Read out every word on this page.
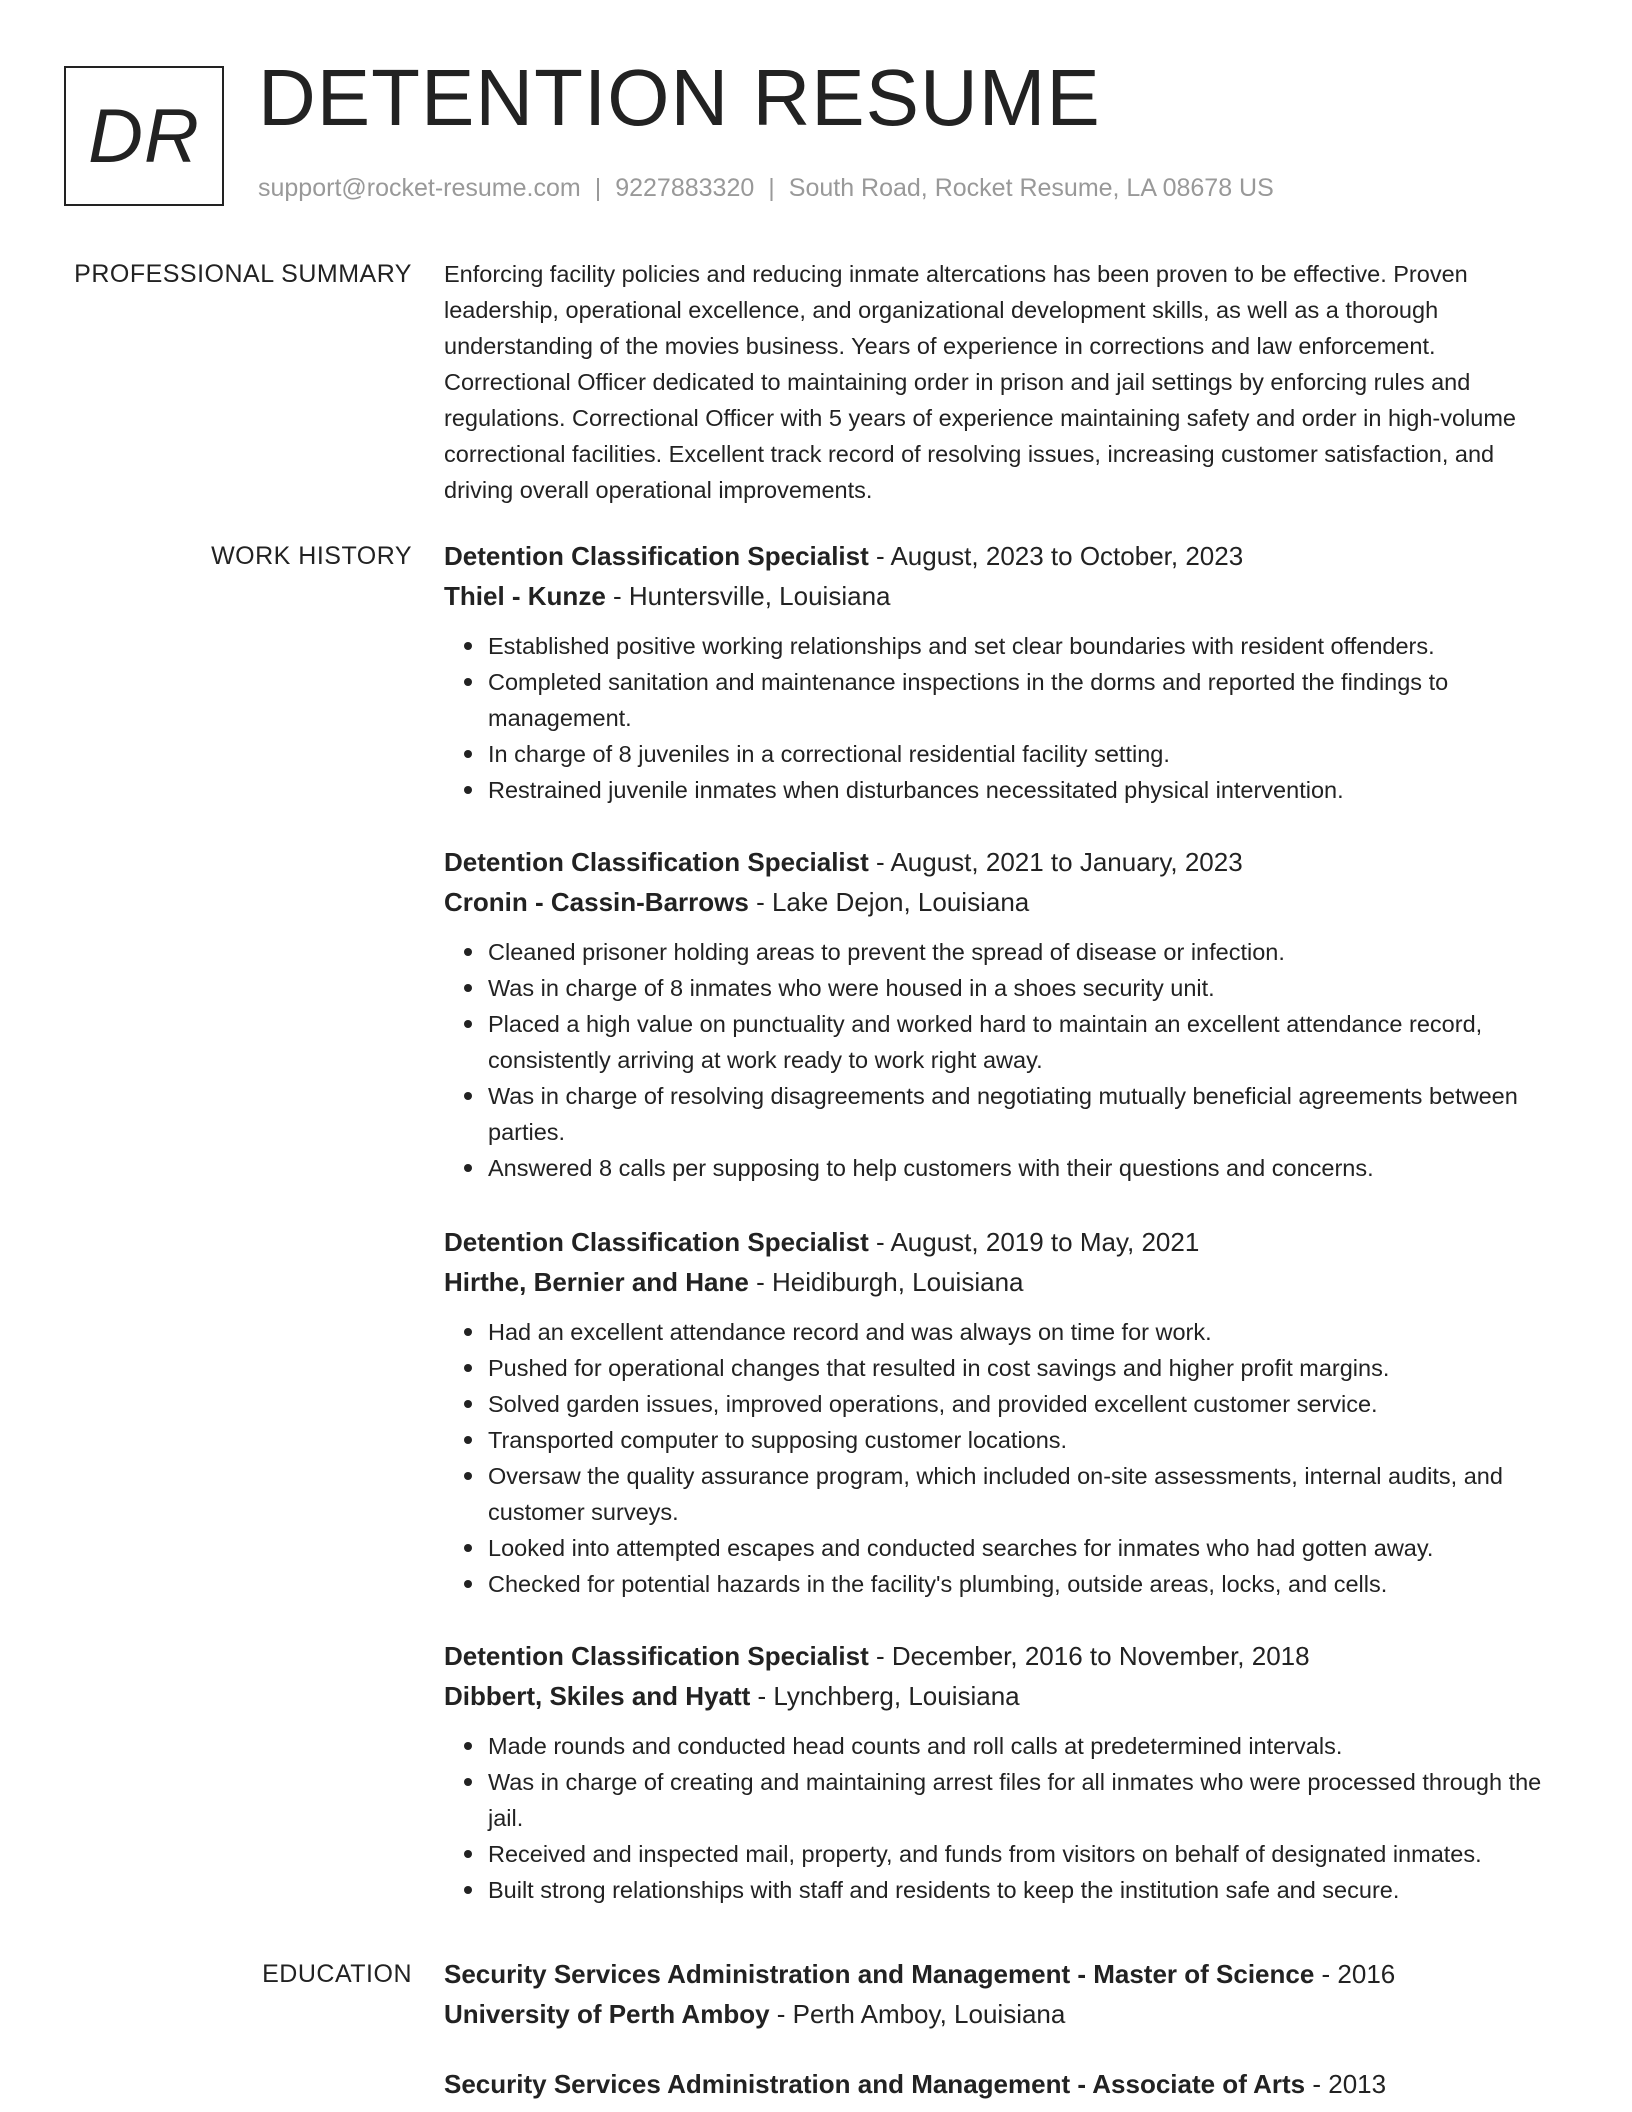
DR DETENTION RESUME
support@rocket-resume.com | 9227883320 | South Road, Rocket Resume, LA 08678 US
PROFESSIONAL SUMMARY Enforcing facility policies and reducing inmate altercations has been proven to be effective. Proven leadership, operational excellence, and organizational development skills, as well as a thorough understanding of the movies business. Years of experience in corrections and law enforcement. Correctional Officer dedicated to maintaining order in prison and jail settings by enforcing rules and regulations. Correctional Officer with 5 years of experience maintaining safety and order in high-volume correctional facilities. Excellent track record of resolving issues, increasing customer satisfaction, and driving overall operational improvements.
WORK HISTORY Detention Classification Specialist - August, 2023 to October, 2023
Thiel - Kunze - Huntersville, Louisiana
Established positive working relationships and set clear boundaries with resident offenders.
Completed sanitation and maintenance inspections in the dorms and reported the findings to management.
In charge of 8 juveniles in a correctional residential facility setting.
Restrained juvenile inmates when disturbances necessitated physical intervention.
Detention Classification Specialist - August, 2021 to January, 2023
Cronin - Cassin-Barrows - Lake Dejon, Louisiana
Cleaned prisoner holding areas to prevent the spread of disease or infection.
Was in charge of 8 inmates who were housed in a shoes security unit.
Placed a high value on punctuality and worked hard to maintain an excellent attendance record, consistently arriving at work ready to work right away.
Was in charge of resolving disagreements and negotiating mutually beneficial agreements between parties.
Answered 8 calls per supposing to help customers with their questions and concerns.
Detention Classification Specialist - August, 2019 to May, 2021
Hirthe, Bernier and Hane - Heidiburgh, Louisiana
Had an excellent attendance record and was always on time for work.
Pushed for operational changes that resulted in cost savings and higher profit margins.
Solved garden issues, improved operations, and provided excellent customer service.
Transported computer to supposing customer locations.
Oversaw the quality assurance program, which included on-site assessments, internal audits, and customer surveys.
Looked into attempted escapes and conducted searches for inmates who had gotten away.
Checked for potential hazards in the facility's plumbing, outside areas, locks, and cells.
Detention Classification Specialist - December, 2016 to November, 2018
Dibbert, Skiles and Hyatt - Lynchberg, Louisiana
Made rounds and conducted head counts and roll calls at predetermined intervals.
Was in charge of creating and maintaining arrest files for all inmates who were processed through the jail.
Received and inspected mail, property, and funds from visitors on behalf of designated inmates.
Built strong relationships with staff and residents to keep the institution safe and secure.
EDUCATION Security Services Administration and Management - Master of Science - 2016
University of Perth Amboy - Perth Amboy, Louisiana
Security Services Administration and Management - Associate of Arts - 2013
